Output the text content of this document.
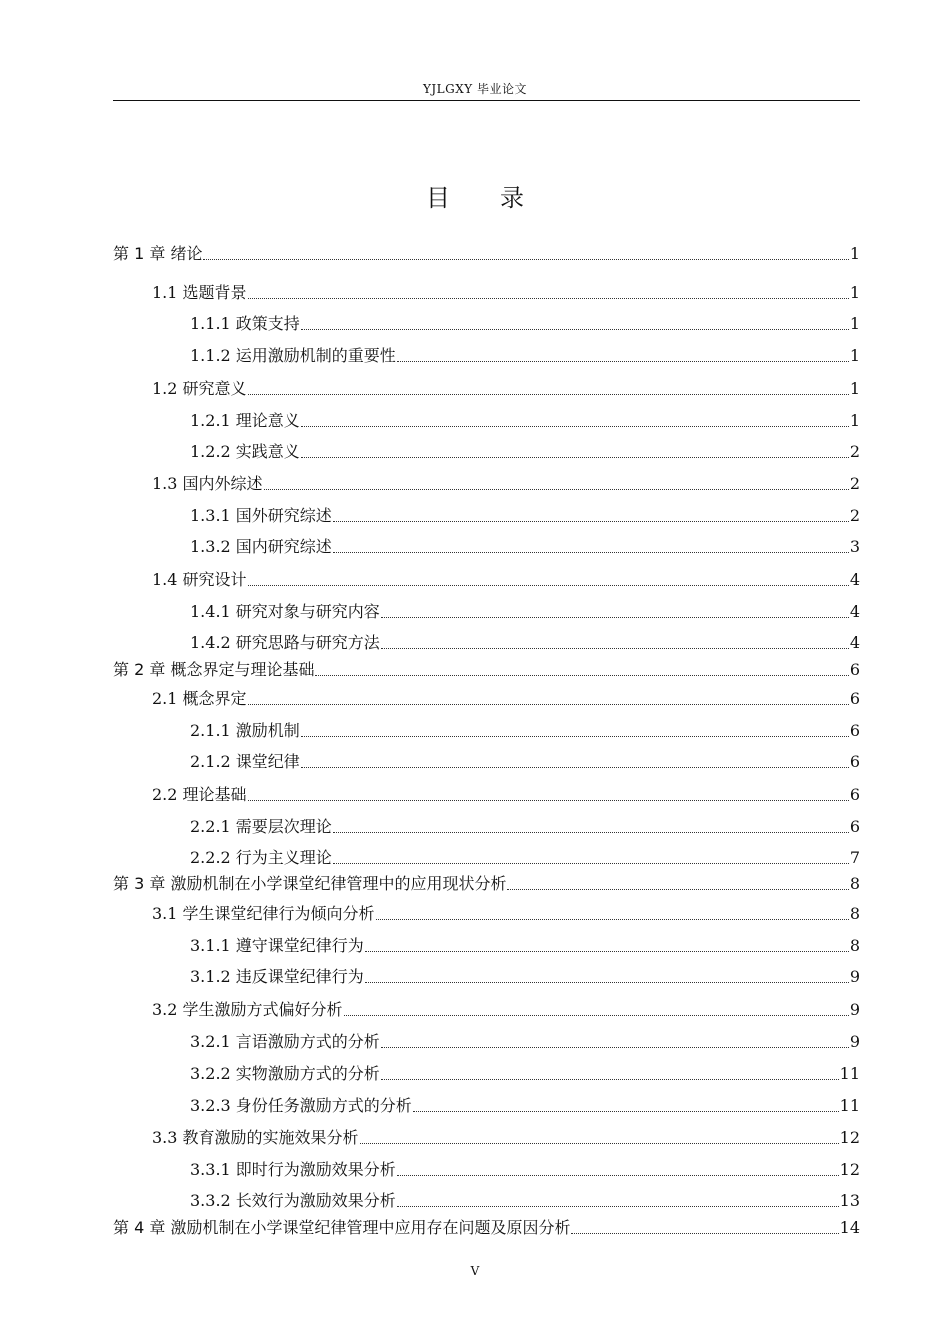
YJLGXY 毕业论文
目录
第 1 章 绪论	1
1.1 选题背景	1
1.1.1 政策支持	1
1.1.2 运用激励机制的重要性	1
1.2 研究意义	1
1.2.1 理论意义	1
1.2.2 实践意义	2
1.3 国内外综述	2
1.3.1 国外研究综述	2
1.3.2 国内研究综述	3
1.4 研究设计	4
1.4.1 研究对象与研究内容	4
1.4.2 研究思路与研究方法	4
第 2 章 概念界定与理论基础	6
2.1 概念界定	6
2.1.1 激励机制	6
2.1.2 课堂纪律	6
2.2 理论基础	6
2.2.1 需要层次理论	6
2.2.2 行为主义理论	7
第 3 章 激励机制在小学课堂纪律管理中的应用现状分析	8
3.1 学生课堂纪律行为倾向分析	8
3.1.1 遵守课堂纪律行为	8
3.1.2 违反课堂纪律行为	9
3.2 学生激励方式偏好分析	9
3.2.1 言语激励方式的分析	9
3.2.2 实物激励方式的分析	11
3.2.3 身份任务激励方式的分析	11
3.3 教育激励的实施效果分析	12
3.3.1 即时行为激励效果分析	12
3.3.2 长效行为激励效果分析	13
第 4 章 激励机制在小学课堂纪律管理中应用存在问题及原因分析	14
V
